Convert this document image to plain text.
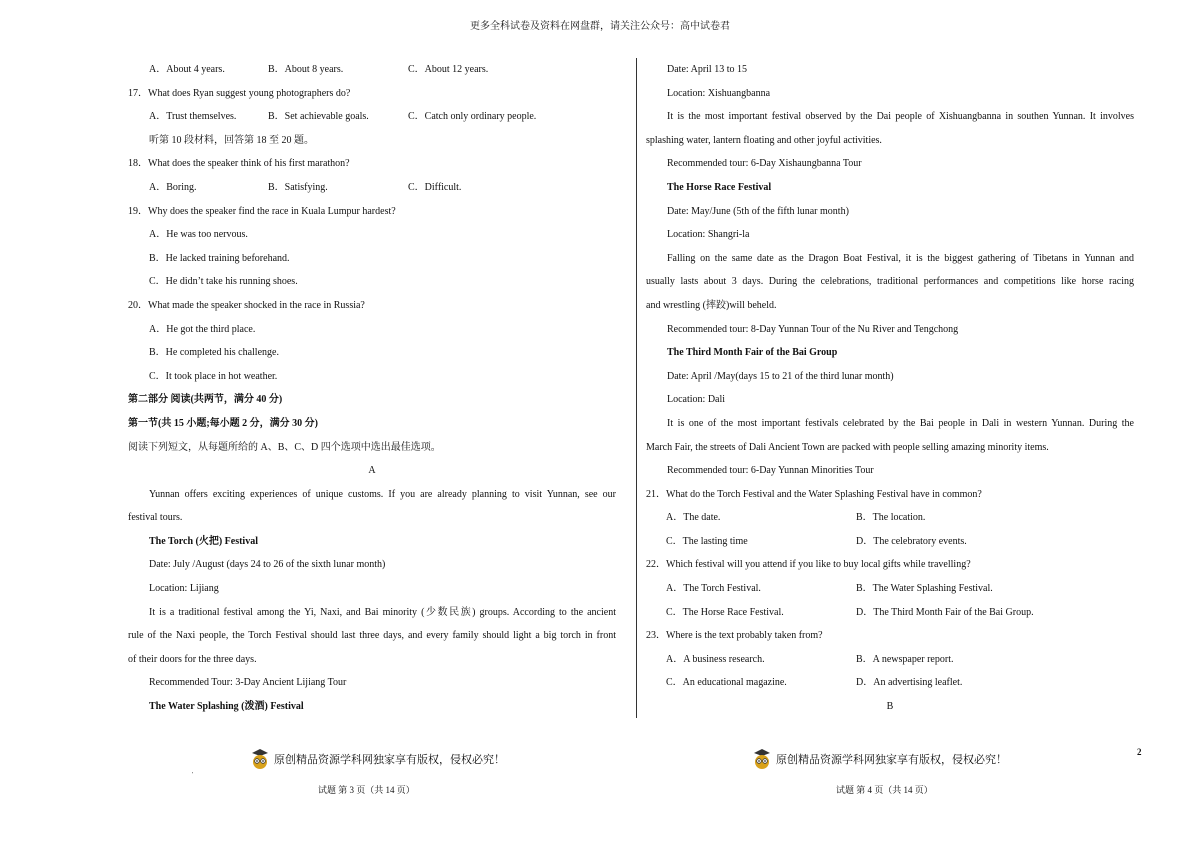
更多全科试卷及资料在网盘群，请关注公众号：高中试卷君
A．About 4 years.	B．About 8 years.	C．About 12 years.
17．What does Ryan suggest young photographers do?
A．Trust themselves.	B．Set achievable goals.	C．Catch only ordinary people.
听第 10 段材料，回答第 18 至 20 题。
18．What does the speaker think of his first marathon?
A．Boring.	B．Satisfying.	C．Difficult.
19．Why does the speaker find the race in Kuala Lumpur hardest?
A．He was too nervous.
B．He lacked training beforehand.
C．He didn’t take his running shoes.
20．What made the speaker shocked in the race in Russia?
A．He got the third place.
B．He completed his challenge.
C．It took place in hot weather.
第二部分 阅读(共两节，满分 40 分)
第一节(共 15 小题;每小题 2 分，满分 30 分)
阅读下列短文，从每题所给的 A、B、C、D 四个选项中选出最佳选项。
A
Yunnan offers exciting experiences of unique customs. If you are already planning to visit Yunnan, see our
festival tours.
The Torch (火把) Festival
Date: July /August (days 24 to 26 of the sixth lunar month)
Location: Lijiang
It is a traditional festival among the Yi, Naxi, and Bai minority (少数民族) groups. According to the ancient
rule of the Naxi people, the Torch Festival should last three days, and every family should light a big torch in front
of their doors for the three days.
Recommended Tour: 3-Day Ancient Lijiang Tour
The Water Splashing (泼酒) Festival
Date: April 13 to 15
Location: Xishuangbanna
It is the most important festival observed by the Dai people of Xishuangbanna in southen Yunnan. It involves
splashing water, lantern floating and other joyful activities.
Recommended tour: 6-Day Xishaungbanna Tour
The Horse Race Festival
Date: May/June (5th of the fifth lunar month)
Location: Shangri-la
Falling on the same date as the Dragon Boat Festival, it is the biggest gathering of Tibetans in Yunnan and
usually lasts about 3 days. During the celebrations, traditional performances and competitions like horse racing
and wrestling (摔跤)will beheld.
Recommended tour: 8-Day Yunnan Tour of the Nu River and Tengchong
The Third Month Fair of the Bai Group
Date: April /May(days 15 to 21 of the third lunar month)
Location: Dali
It is one of the most important festivals celebrated by the Bai people in Dali in western Yunnan. During the
March Fair, the streets of Dali Ancient Town are packed with people selling amazing minority items.
Recommended tour: 6-Day Yunnan Minorities Tour
21．What do the Torch Festival and the Water Splashing Festival have in common?
A．The date.	B．The location.
C．The lasting time	D．The celebratory events.
22．Which festival will you attend if you like to buy local gifts while travelling?
A．The Torch Festival.	B．The Water Splashing Festival.
C．The Horse Race Festival.	D．The Third Month Fair of the Bai Group.
23．Where is the text probably taken from?
A．A business research.	B．A newspaper report.
C．An educational magazine.	D．An advertising leaflet.
B
原创精品资源学科网独家享有版权，侵权必究！	原创精品资源学科网独家享有版权，侵权必究！
'
2
试题 第 3 页（共 14 页）	试题 第 4 页（共 14 页）
